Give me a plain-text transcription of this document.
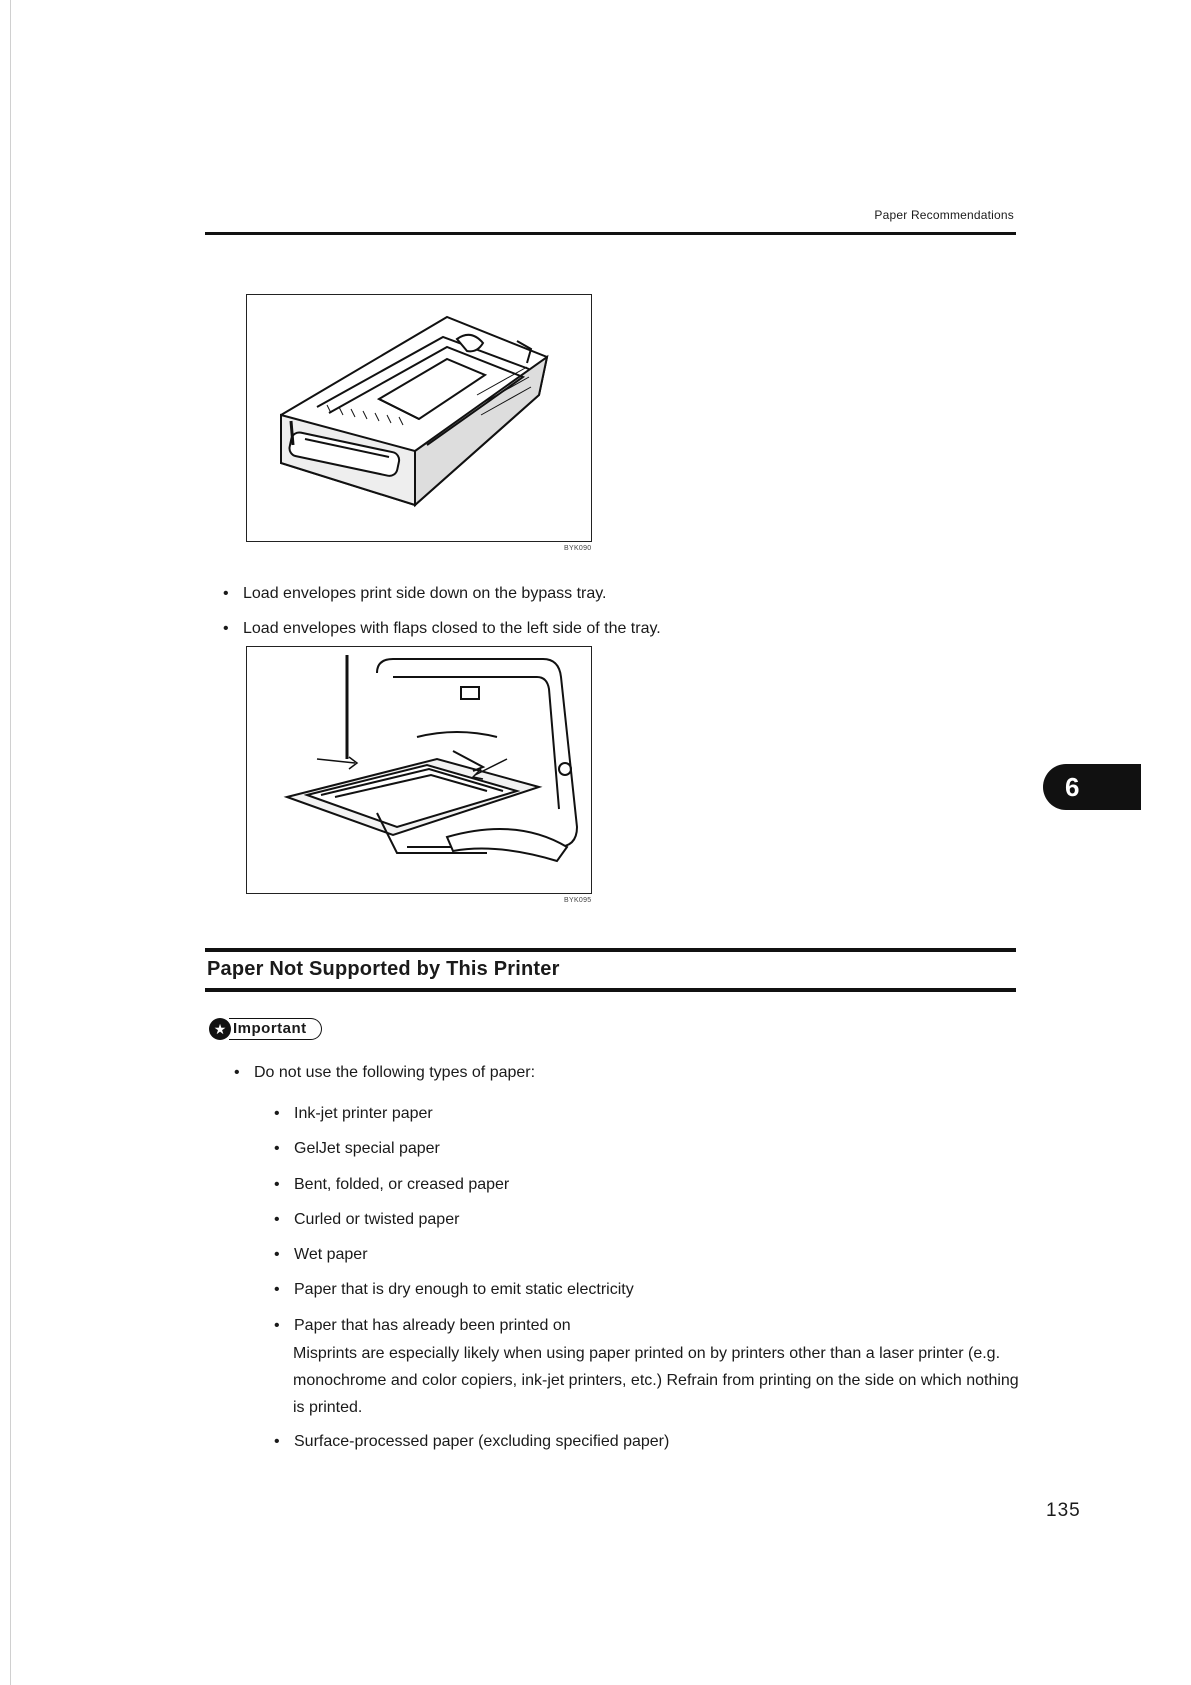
Paper Recommendations
BYK090
• Load envelopes print side down on the bypass tray.
• Load envelopes with flaps closed to the left side of the tray.
BYK095
Paper Not Supported by This Printer
★ Important
• Do not use the following types of paper:
• Ink-jet printer paper
• GelJet special paper
• Bent, folded, or creased paper
• Curled or twisted paper
• Wet paper
• Paper that is dry enough to emit static electricity
• Paper that has already been printed on
Misprints are especially likely when using paper printed on by printers other than a laser printer (e.g. monochrome and color copiers, ink-jet printers, etc.) Refrain from printing on the side on which nothing is printed.
• Surface-processed paper (excluding specified paper)
6
135
